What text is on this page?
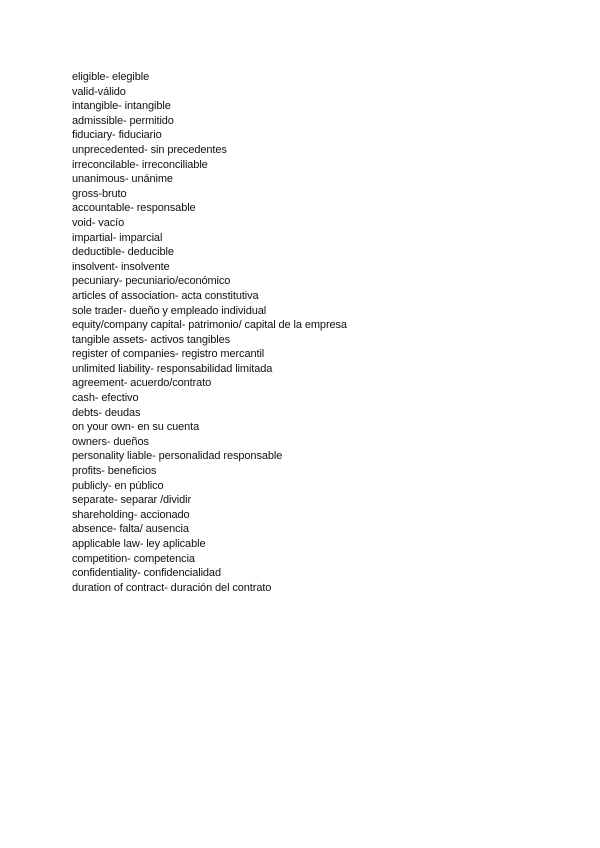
eligible- elegible
valid-válido
intangible- intangible
admissible- permitido
fiduciary- fiduciario
unprecedented- sin precedentes
irreconcilable- irreconciliable
unanimous- unánime
gross-bruto
accountable- responsable
void- vacío
impartial- imparcial
deductible- deducible
insolvent- insolvente
pecuniary- pecuniario/económico
articles of association- acta constitutiva
sole trader- dueño y empleado individual
equity/company capital- patrimonio/ capital de la empresa
tangible assets- activos tangibles
register of companies- registro mercantil
unlimited liability- responsabilidad limitada
agreement- acuerdo/contrato
cash- efectivo
debts- deudas
on your own- en su cuenta
owners- dueños
personality liable- personalidad responsable
profits- beneficios
publicly- en público
separate- separar /dividir
shareholding- accionado
absence- falta/ ausencia
applicable law- ley aplicable
competition- competencia
confidentiality- confidencialidad
duration of contract- duración del contrato
